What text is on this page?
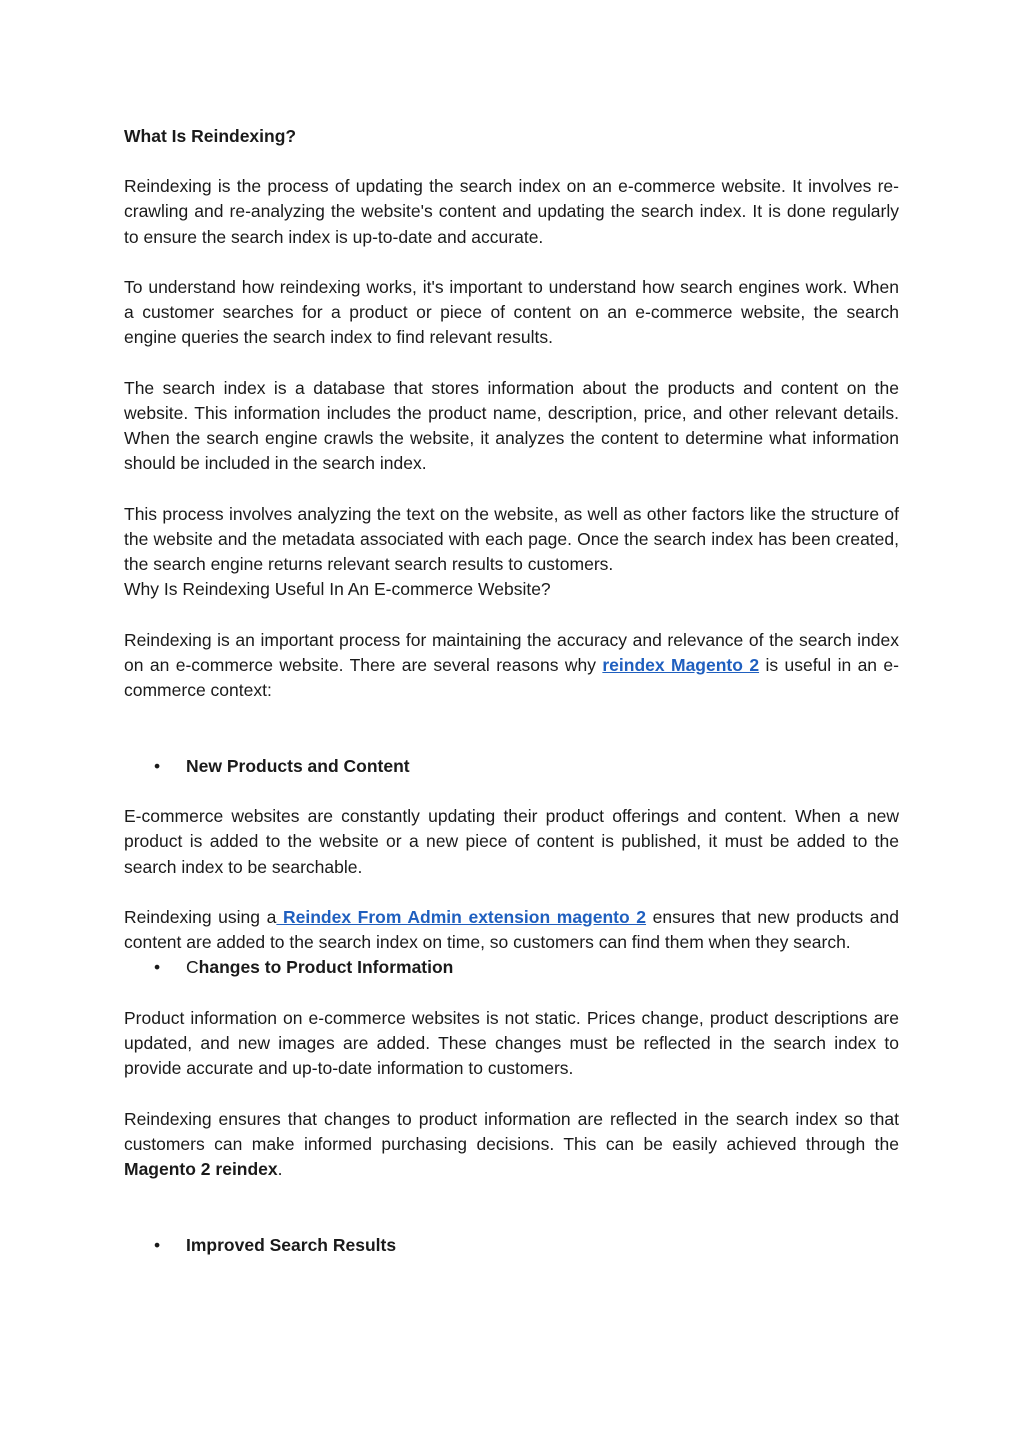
What Is Reindexing?

Reindexing is the process of updating the search index on an e-commerce website. It involves re-crawling and re-analyzing the website's content and updating the search index. It is done regularly to ensure the search index is up-to-date and accurate.

To understand how reindexing works, it's important to understand how search engines work. When a customer searches for a product or piece of content on an e-commerce website, the search engine queries the search index to find relevant results.

The search index is a database that stores information about the products and content on the website. This information includes the product name, description, price, and other relevant details. When the search engine crawls the website, it analyzes the content to determine what information should be included in the search index.

This process involves analyzing the text on the website, as well as other factors like the structure of the website and the metadata associated with each page. Once the search index has been created, the search engine returns relevant search results to customers.

Why Is Reindexing Useful In An E-commerce Website?

Reindexing is an important process for maintaining the accuracy and relevance of the search index on an e-commerce website. There are several reasons why reindex Magento 2 is useful in an e-commerce context:

• New Products and Content

E-commerce websites are constantly updating their product offerings and content. When a new product is added to the website or a new piece of content is published, it must be added to the search index to be searchable.

Reindexing using a Reindex From Admin extension magento 2 ensures that new products and content are added to the search index on time, so customers can find them when they search.

• Changes to Product Information

Product information on e-commerce websites is not static. Prices change, product descriptions are updated, and new images are added. These changes must be reflected in the search index to provide accurate and up-to-date information to customers.

Reindexing ensures that changes to product information are reflected in the search index so that customers can make informed purchasing decisions. This can be easily achieved through the Magento 2 reindex.

• Improved Search Results
